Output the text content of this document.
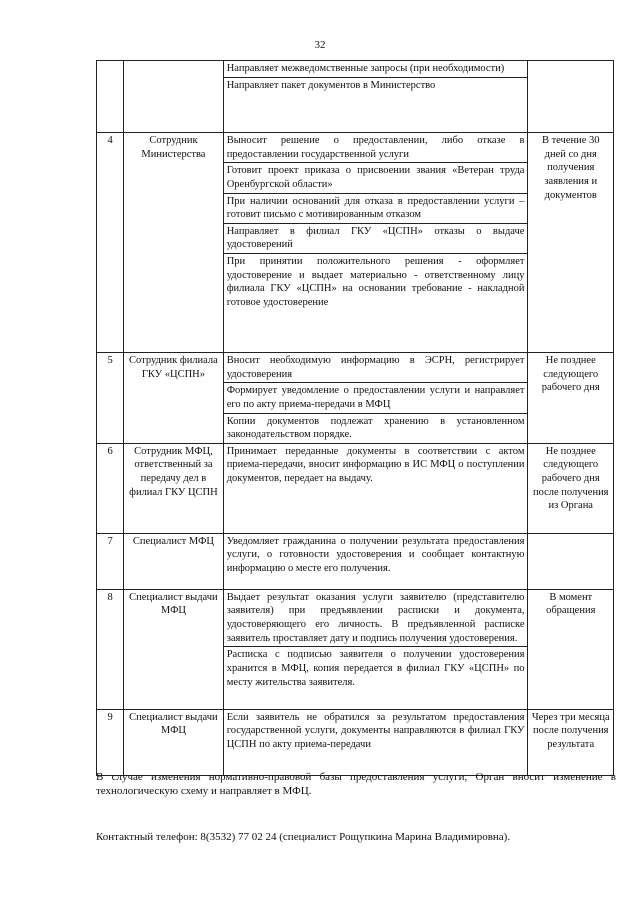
32

		Направляет межведомственные запросы (при необходимости)
Направляет пакет документов в Министерство	

4	Сотрудник Министерства	Выносит решение о предоставлении, либо отказе в предоставлении государственной услуги
Готовит проект приказа о присвоении звания «Ветеран труда Оренбургской области»
При наличии оснований для отказа в предоставлении услуги – готовит письмо с мотивированным отказом
Направляет в филиал ГКУ «ЦСПН» отказы о выдаче удостоверений
При принятии положительного решения - оформляет удостоверение и выдает материально - ответственному лицу филиала ГКУ «ЦСПН» на основании требование - накладной готовое удостоверение	В течение 30 дней со дня получения заявления и документов
5	Сотрудник филиала ГКУ «ЦСПН»	Вносит необходимую информацию в ЭСРН, регистрирует удостоверения
Формирует уведомление о предоставлении услуги и направляет его по акту приема-передачи в МФЦ
Копии документов подлежат хранению в установленном законодательством порядке.	Не позднее следующего рабочего дня
6	Сотрудник МФЦ, ответственный за передачу дел в филиал ГКУ ЦСПН	Принимает переданные документы в соответствии с актом приема-передачи, вносит информацию в ИС МФЦ о поступлении документов, передает на выдачу.	Не позднее следующего рабочего дня после получения из Органа
7	Специалист МФЦ	Уведомляет гражданина о получении результата предоставления услуги, о готовности удостоверения и сообщает контактную информацию о месте его получения.	

8	Специалист выдачи МФЦ	Выдает результат оказания услуги заявителю (представителю заявителя) при предъявлении расписки и документа, удостоверяющего его личность. В предъявленной расписке заявитель проставляет дату и подпись получения удостоверения.
Расписка с подписью заявителя о получении удостоверения хранится в МФЦ, копия передается в филиал ГКУ «ЦСПН» по месту жительства заявителя.	В момент обращения
9	Специалист выдачи МФЦ	Если заявитель не обратился за результатом предоставления государственной услуги, документы направляются в филиал ГКУ ЦСПН по акту приема-передачи	Через три месяца после получения результата
В случае изменения нормативно-правовой базы предоставления услуги, Орган вносит изменение в технологическую схему и направляет в МФЦ.
Контактный телефон: 8(3532) 77 02 24 (специалист Рощупкина Марина Владимировна).
